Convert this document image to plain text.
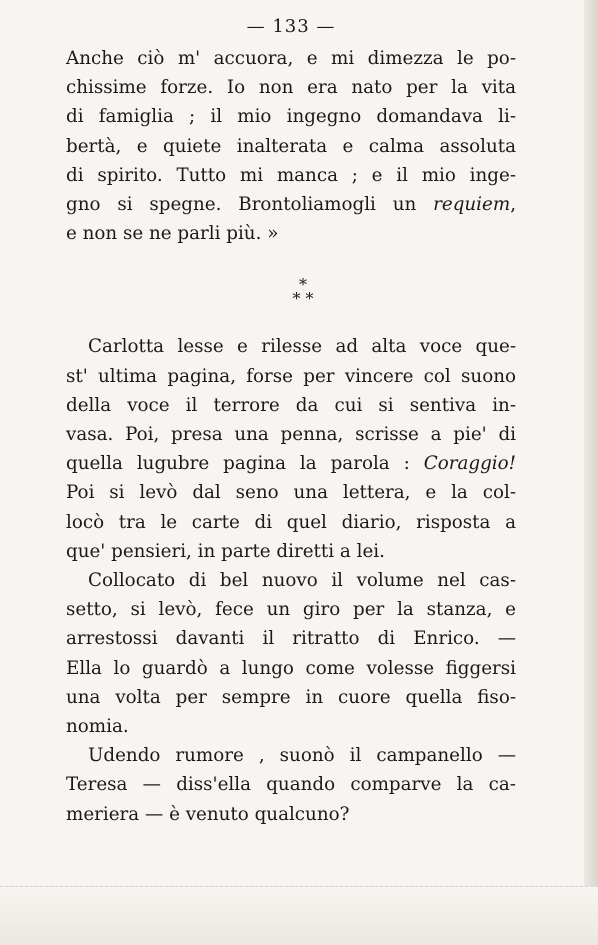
— 133 —
Anche ciò m' accuora, e mi dimezza le po-
chissime forze. Io non era nato per la vita
di famiglia ; il mio ingegno domandava li-
bertà, e quiete inalterata e calma assoluta
di spirito. Tutto mi manca ; e il mio inge-
gno si spegne. Brontoliamogli un requiem,
e non se ne parli più. »
*
* *
Carlotta lesse e rilesse ad alta voce que-
st' ultima pagina, forse per vincere col suono
della voce il terrore da cui si sentiva in-
vasa. Poi, presa una penna, scrisse a pie' di
quella lugubre pagina la parola : Coraggio!
Poi si levò dal seno una lettera, e la col-
locò tra le carte di quel diario, risposta a
que' pensieri, in parte diretti a lei.
Collocato di bel nuovo il volume nel cas-
setto, si levò, fece un giro per la stanza, e
arrestossi davanti il ritratto di Enrico. —
Ella lo guardò a lungo come volesse figgersi
una volta per sempre in cuore quella fiso-
nomia.
Udendo rumore , suonò il campanello —
Teresa — diss'ella quando comparve la ca-
meriera — è venuto qualcuno?
